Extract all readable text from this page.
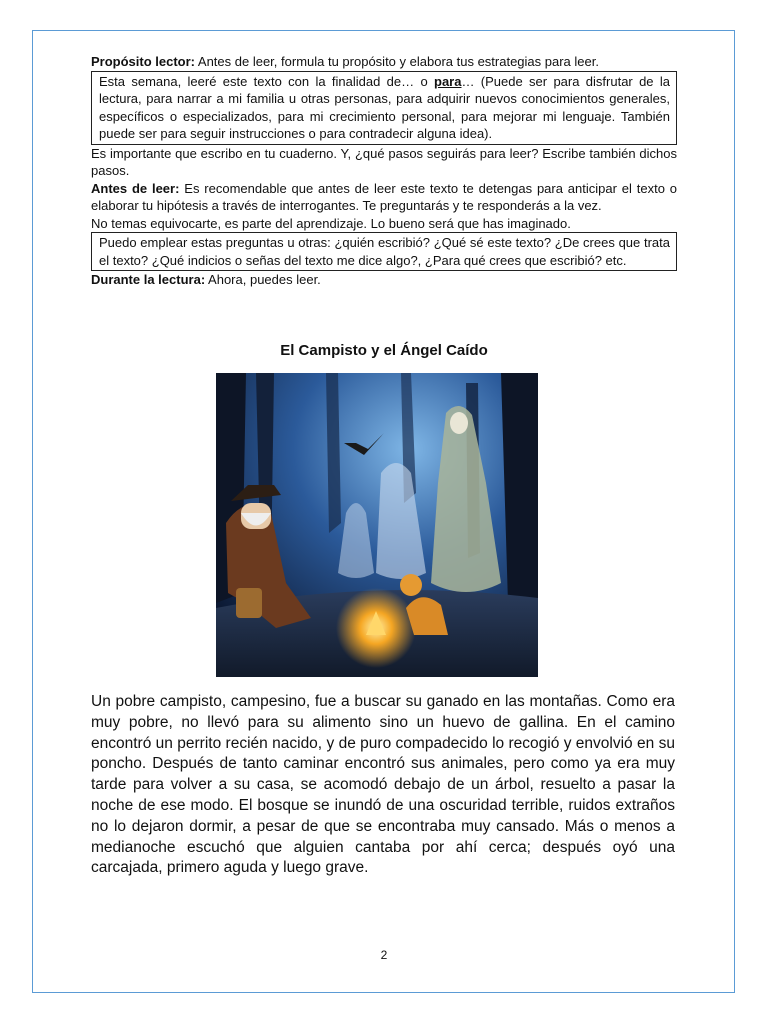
Propósito lector: Antes de leer, formula tu propósito y elabora tus estrategias para leer.

Esta semana, leeré este texto con la finalidad de… o para… (Puede ser para disfrutar de la lectura, para narrar a mi familia u otras personas, para adquirir nuevos conocimientos generales, específicos o especializados, para mi crecimiento personal, para mejorar mi lenguaje. También puede ser para seguir instrucciones o para contradecir alguna idea).

Es importante que escribo en tu cuaderno. Y, ¿qué pasos seguirás para leer? Escribe también dichos pasos.

Antes de leer: Es recomendable que antes de leer este texto te detengas para anticipar el texto o elaborar tu hipótesis a través de interrogantes. Te preguntarás y te responderás a la vez.

No temas equivocarte, es parte del aprendizaje. Lo bueno será que has imaginado.

Puedo emplear estas preguntas u otras: ¿quién escribió? ¿Qué sé este texto? ¿De crees que trata el texto? ¿Qué indicios o señas del texto me dice algo?, ¿Para qué crees que escribió? etc.

Durante la lectura: Ahora, puedes leer.

El Campisto y el Ángel Caído

Un pobre campisto, campesino, fue a buscar su ganado en las montañas. Como era muy pobre, no llevó para su alimento sino un huevo de gallina. En el camino encontró un perrito recién nacido, y de puro compadecido lo recogió y envolvió en su poncho. Después de tanto caminar encontró sus animales, pero como ya era muy tarde para volver a su casa, se acomodó debajo de un árbol, resuelto a pasar la noche de ese modo. El bosque se inundó de una oscuridad terrible, ruidos extraños no lo dejaron dormir, a pesar de que se encontraba muy cansado. Más o menos a medianoche escuchó que alguien cantaba por ahí cerca; después oyó una carcajada, primero aguda y luego grave.

2
